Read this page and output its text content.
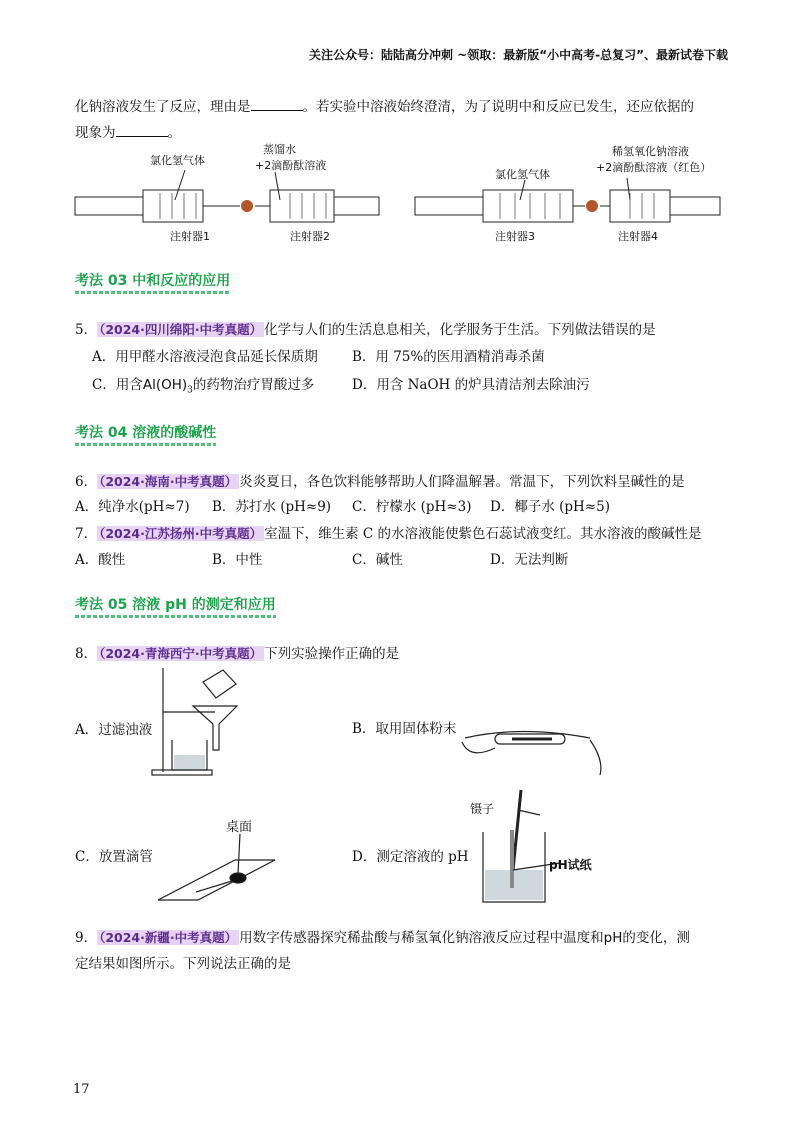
关注公众号：陆陆高分冲刺 ~领取：最新版“小中高考-总复习”、最新试卷下载
化钠溶液发生了反应，理由是	。若实验中溶液始终澄清，为了说明中和反应已发生，还应依据的
现象为	。
氯化氢气体
蒸馏水
+2滴酚酞溶液
注射器1	注射器2
氯化氢气体
稀氢氧化钠溶液
+2滴酚酞溶液（红色）
注射器3	注射器4
考法 03 中和反应的应用
5． （2024·四川绵阳·中考真题） 化学与人们的生活息息相关，化学服务于生活。下列做法错误的是
A．用甲醛水溶液浸泡食品延长保质期	B．用 75%的医用酒精消毒杀菌
C．用含$Al(OH)_3$的药物治疗胃酸过多	D．用含 NaOH 的炉具清洁剂去除油污
考法 04 溶液的酸碱性
6． （2024·海南·中考真题） 炎炎夏日，各色饮料能够帮助人们降温解暑。常温下，下列饮料呈碱性的是
A．纯净水(pH≈7) B．苏打水 (pH≈9) C．柠檬水 (pH≈3) D．椰子水 (pH≈5)
7． （2024·江苏扬州·中考真题） 室温下，维生素 C 的水溶液能使紫色石蕊试液变红。其水溶液的酸碱性是
A．酸性	B．中性	C．碱性	D．无法判断
考法 05 溶液 pH 的测定和应用
8． （2024·青海西宁·中考真题） 下列实验操作正确的是
A．过滤浊液	B．取用固体粉末
C．放置滴管	D．测定溶液的 pH
桌面
镊子
pH试纸
9． （2024·新疆·中考真题） 用数字传感器探究稀盐酸与稀氢氧化钠溶液反应过程中温度和pH的变化，测
定结果如图所示。下列说法正确的是
17
